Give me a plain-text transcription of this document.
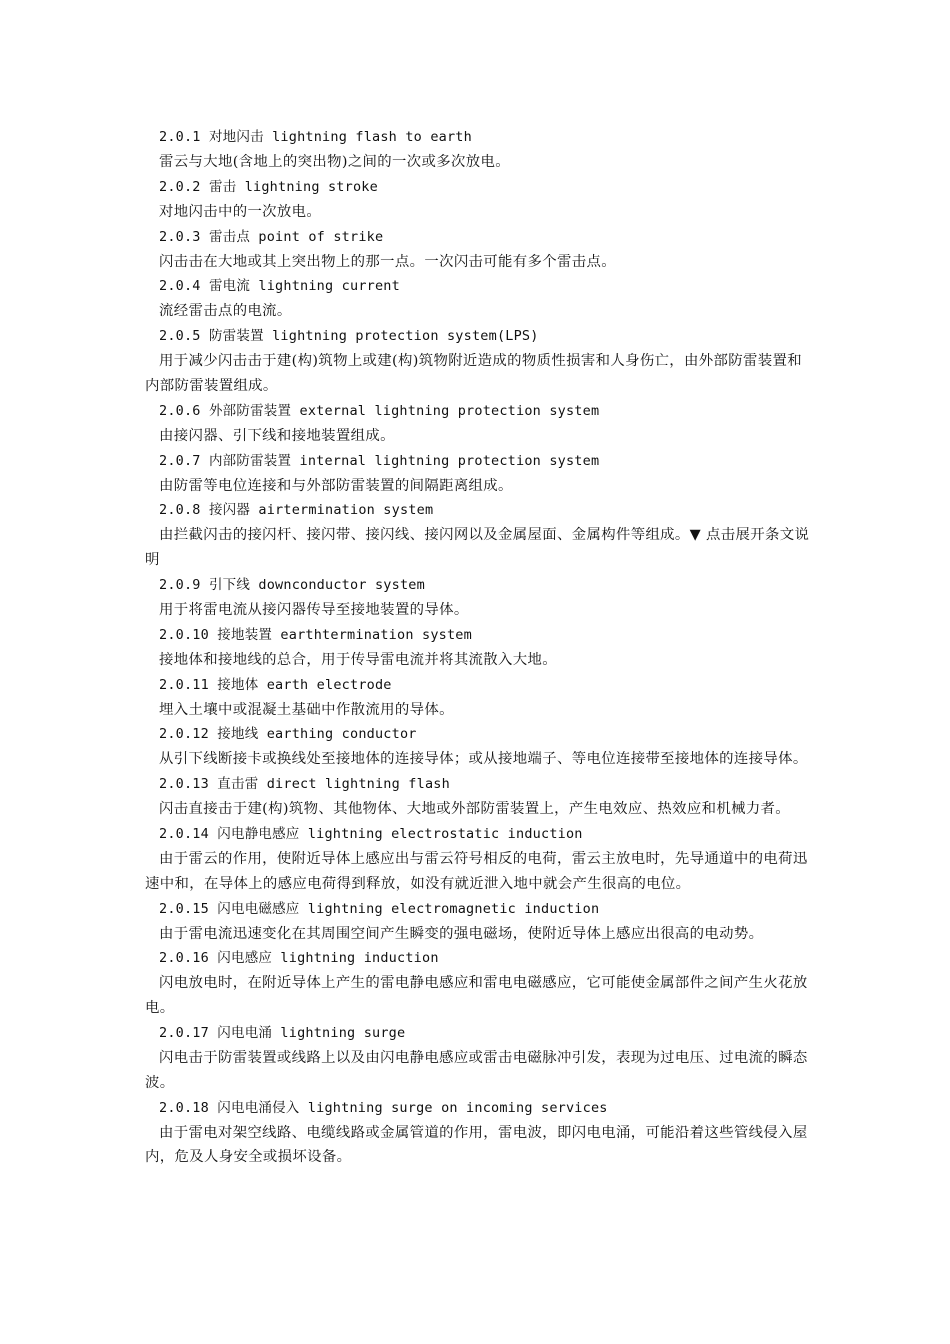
2.0.1 对地闪击 lightning flash to earth

雷云与大地(含地上的突出物)之间的一次或多次放电。

2.0.2 雷击 lightning stroke

对地闪击中的一次放电。

2.0.3 雷击点 point of strike

闪击击在大地或其上突出物上的那一点。一次闪击可能有多个雷击点。

2.0.4 雷电流 lightning current

流经雷击点的电流。

2.0.5 防雷装置 lightning protection system(LPS)

用于减少闪击击于建(构)筑物上或建(构)筑物附近造成的物质性损害和人身伤亡，由外部防雷装置和内部防雷装置组成。

2.0.6 外部防雷装置 external lightning protection system

由接闪器、引下线和接地装置组成。

2.0.7 内部防雷装置 internal lightning protection system

由防雷等电位连接和与外部防雷装置的间隔距离组成。

2.0.8 接闪器 airtermination system

由拦截闪击的接闪杆、接闪带、接闪线、接闪网以及金属屋面、金属构件等组成。▼ 点击展开条文说明

2.0.9 引下线 downconductor system

用于将雷电流从接闪器传导至接地装置的导体。

2.0.10 接地装置 earthtermination system

接地体和接地线的总合，用于传导雷电流并将其流散入大地。

2.0.11 接地体 earth electrode

埋入土壤中或混凝土基础中作散流用的导体。

2.0.12 接地线 earthing conductor

从引下线断接卡或换线处至接地体的连接导体；或从接地端子、等电位连接带至接地体的连接导体。

2.0.13 直击雷 direct lightning flash

闪击直接击于建(构)筑物、其他物体、大地或外部防雷装置上，产生电效应、热效应和机械力者。

2.0.14 闪电静电感应 lightning electrostatic induction

由于雷云的作用，使附近导体上感应出与雷云符号相反的电荷，雷云主放电时，先导通道中的电荷迅速中和，在导体上的感应电荷得到释放，如没有就近泄入地中就会产生很高的电位。

2.0.15 闪电电磁感应 lightning electromagnetic induction

由于雷电流迅速变化在其周围空间产生瞬变的强电磁场，使附近导体上感应出很高的电动势。

2.0.16 闪电感应 lightning induction

闪电放电时，在附近导体上产生的雷电静电感应和雷电电磁感应，它可能使金属部件之间产生火花放电。

2.0.17 闪电电涌 lightning surge

闪电击于防雷装置或线路上以及由闪电静电感应或雷击电磁脉冲引发，表现为过电压、过电流的瞬态波。

2.0.18 闪电电涌侵入 lightning surge on incoming services

由于雷电对架空线路、电缆线路或金属管道的作用，雷电波，即闪电电涌，可能沿着这些管线侵入屋内，危及人身安全或损坏设备。
